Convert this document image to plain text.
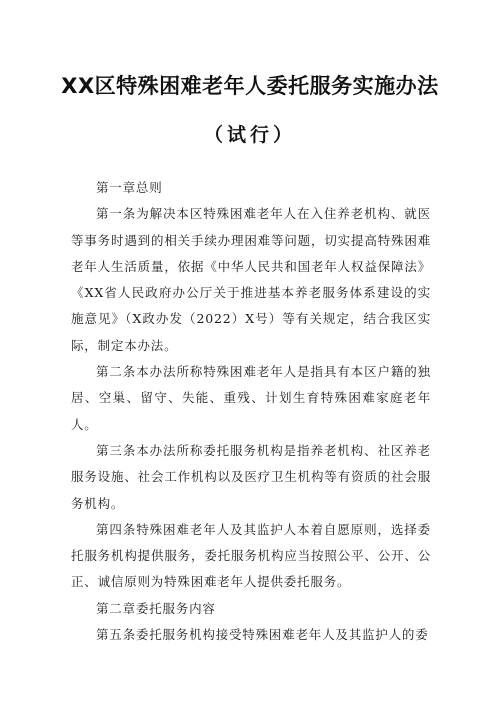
XX区特殊困难老年人委托服务实施办法
（试行）

第一章总则

第一条为解决本区特殊困难老年人在入住养老机构、就医等事务时遇到的相关手续办理困难等问题，切实提高特殊困难老年人生活质量，依据《中华人民共和国老年人权益保障法》《XX省人民政府办公厅关于推进基本养老服务体系建设的实施意见》（X政办发（2022）X号）等有关规定，结合我区实际，制定本办法。

第二条本办法所称特殊困难老年人是指具有本区户籍的独居、空巢、留守、失能、重残、计划生育特殊困难家庭老年人。

第三条本办法所称委托服务机构是指养老机构、社区养老服务设施、社会工作机构以及医疗卫生机构等有资质的社会服务机构。

第四条特殊困难老年人及其监护人本着自愿原则，选择委托服务机构提供服务，委托服务机构应当按照公平、公开、公正、诚信原则为特殊困难老年人提供委托服务。

第二章委托服务内容

第五条委托服务机构接受特殊困难老年人及其监护人的委
